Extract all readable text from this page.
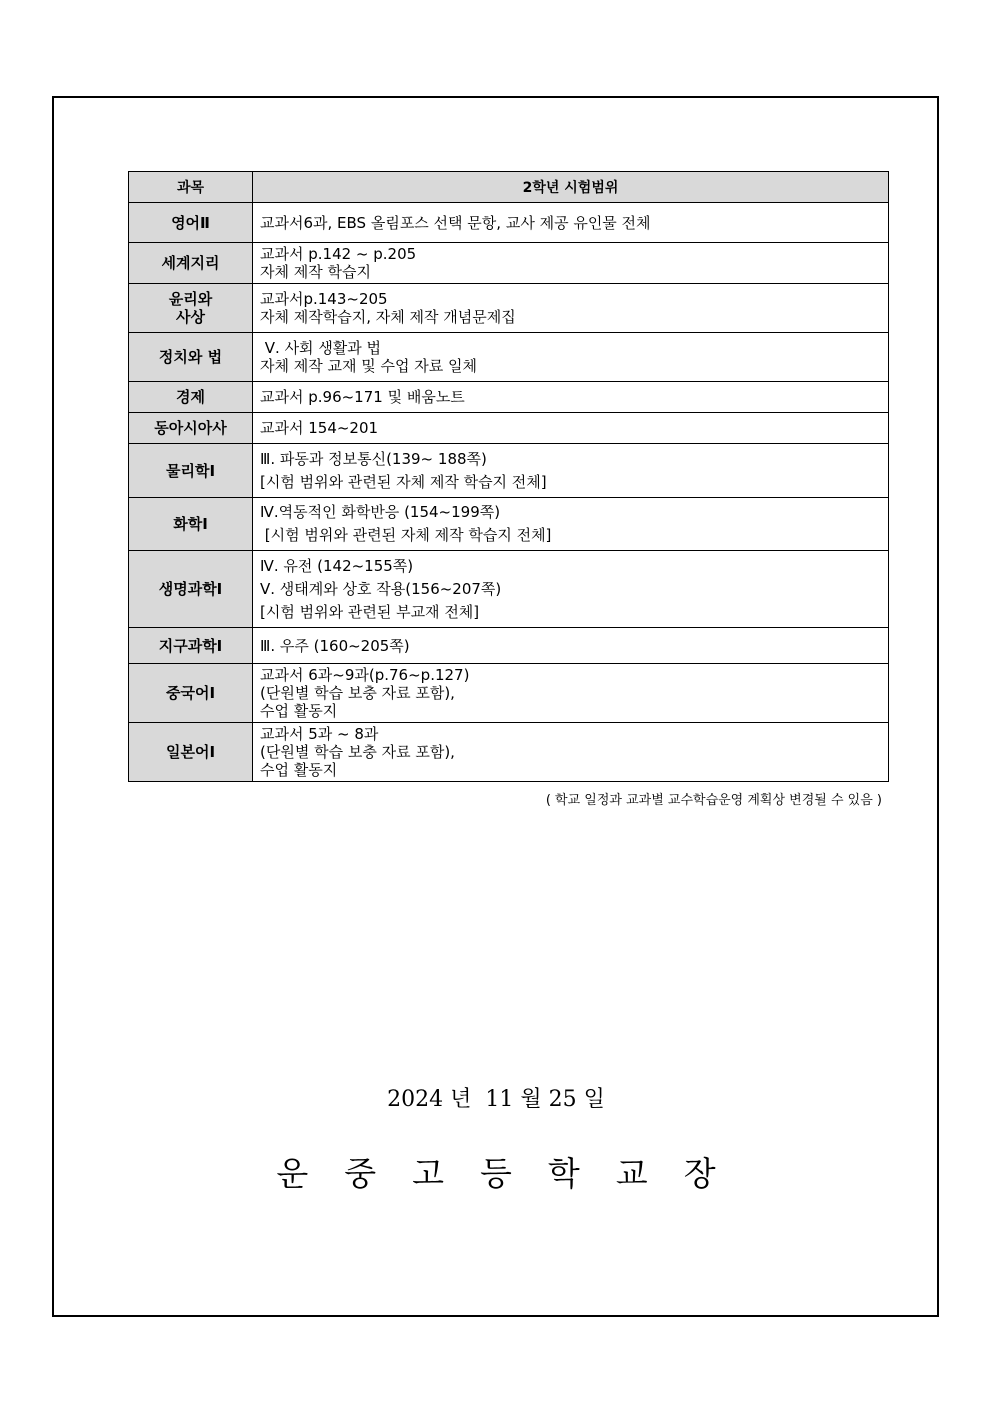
과목	2학년 시험범위

영어Ⅱ	교과서6과, EBS 올림포스 선택 문항, 교사 제공 유인물 전체

세계지리	교과서 p.142 ~ p.205
자체 제작 학습지

윤리와
사상	교과서p.143~205
자체 제작학습지, 자체 제작 개념문제집

정치와 법	Ⅴ. 사회 생활과 법
자체 제작 교재 및 수업 자료 일체

경제	교과서 p.96~171 및 배움노트

동아시아사	교과서 154~201

물리학Ⅰ	Ⅲ. 파동과 정보통신(139~ 188쪽)
[시험 범위와 관련된 자체 제작 학습지 전체]

화학Ⅰ	Ⅳ.역동적인 화학반응 (154~199쪽)
[시험 범위와 관련된 자체 제작 학습지 전체]

생명과학Ⅰ	Ⅳ. 유전 (142~155쪽)
Ⅴ. 생태계와 상호 작용(156~207쪽)
[시험 범위와 관련된 부교재 전체]

지구과학Ⅰ	Ⅲ. 우주 (160~205쪽)

중국어Ⅰ	교과서 6과~9과(p.76~p.127)
(단원별 학습 보충 자료 포함),
수업 활동지

일본어Ⅰ	교과서 5과 ~ 8과
(단원별 학습 보충 자료 포함),
수업 활동지
( 학교 일정과 교과별 교수학습운영 계획상 변경될 수 있음 )
2024 년  11 월 25 일
운중고등학교장
